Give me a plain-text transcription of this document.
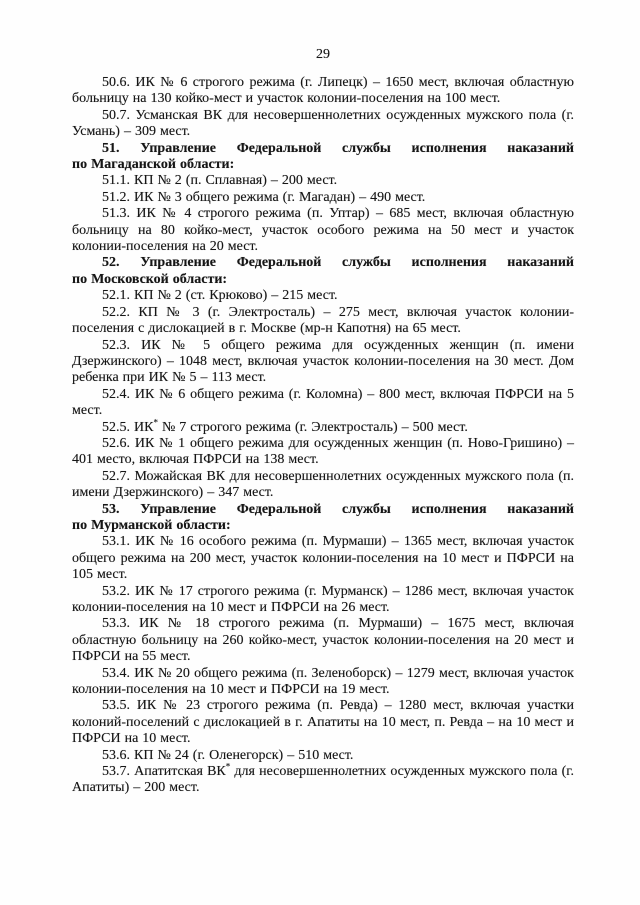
29

50.6. ИК № 6 строгого режима (г. Липецк) – 1650 мест, включая областную больницу на 130 койко-мест и участок колонии-поселения на 100 мест.

50.7. Усманская ВК для несовершеннолетних осужденных мужского пола (г. Усмань) – 309 мест.

51. Управление Федеральной службы исполнения наказаний
по Магаданской области:

51.1. КП № 2 (п. Сплавная) – 200 мест.

51.2. ИК № 3 общего режима (г. Магадан) – 490 мест.

51.3. ИК № 4 строгого режима (п. Уптар) – 685 мест, включая областную больницу на 80 койко-мест, участок особого режима на 50 мест и участок колонии-поселения на 20 мест.

52. Управление Федеральной службы исполнения наказаний
по Московской области:

52.1. КП № 2 (ст. Крюково) – 215 мест.

52.2. КП № 3 (г. Электросталь) – 275 мест, включая участок колонии-поселения с дислокацией в г. Москве (мр-н Капотня) на 65 мест.

52.3. ИК № 5 общего режима для осужденных женщин (п. имени Дзержинского) – 1048 мест, включая участок колонии-поселения на 30 мест. Дом ребенка при ИК № 5 – 113 мест.

52.4. ИК № 6 общего режима (г. Коломна) – 800 мест, включая ПФРСИ на 5 мест.

52.5. ИК* № 7 строгого режима (г. Электросталь) – 500 мест.

52.6. ИК № 1 общего режима для осужденных женщин (п. Ново-Гришино) – 401 место, включая ПФРСИ на 138 мест.

52.7. Можайская ВК для несовершеннолетних осужденных мужского пола (п. имени Дзержинского) – 347 мест.

53. Управление Федеральной службы исполнения наказаний
по Мурманской области:

53.1. ИК № 16 особого режима (п. Мурмаши) – 1365 мест, включая участок общего режима на 200 мест, участок колонии-поселения на 10 мест и ПФРСИ на 105 мест.

53.2. ИК № 17 строгого режима (г. Мурманск) – 1286 мест, включая участок колонии-поселения на 10 мест и ПФРСИ на 26 мест.

53.3. ИК № 18 строгого режима (п. Мурмаши) – 1675 мест, включая областную больницу на 260 койко-мест, участок колонии-поселения на 20 мест и ПФРСИ на 55 мест.

53.4. ИК № 20 общего режима (п. Зеленоборск) – 1279 мест, включая участок колонии-поселения на 10 мест и ПФРСИ на 19 мест.

53.5. ИК № 23 строгого режима (п. Ревда) – 1280 мест, включая участки колоний-поселений с дислокацией в г. Апатиты на 10 мест, п. Ревда – на 10 мест и ПФРСИ на 10 мест.

53.6. КП № 24 (г. Оленегорск) – 510 мест.

53.7. Апатитская ВК* для несовершеннолетних осужденных мужского пола (г. Апатиты) – 200 мест.
